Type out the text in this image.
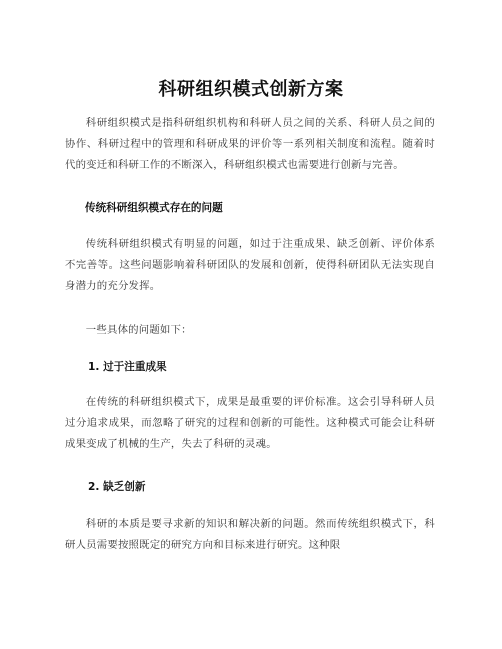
科研组织模式创新方案

科研组织模式是指科研组织机构和科研人员之间的关系、科研人员之间的协作、科研过程中的管理和科研成果的评价等一系列相关制度和流程。随着时代的变迁和科研工作的不断深入，科研组织模式也需要进行创新与完善。

传统科研组织模式存在的问题

传统科研组织模式有明显的问题，如过于注重成果、缺乏创新、评价体系不完善等。这些问题影响着科研团队的发展和创新，使得科研团队无法实现自身潜力的充分发挥。

一些具体的问题如下：

1. 过于注重成果

在传统的科研组织模式下，成果是最重要的评价标准。这会引导科研人员过分追求成果，而忽略了研究的过程和创新的可能性。这种模式可能会让科研成果变成了机械的生产，失去了科研的灵魂。

2. 缺乏创新

科研的本质是要寻求新的知识和解决新的问题。然而传统组织模式下，科研人员需要按照既定的研究方向和目标来进行研究。这种限
